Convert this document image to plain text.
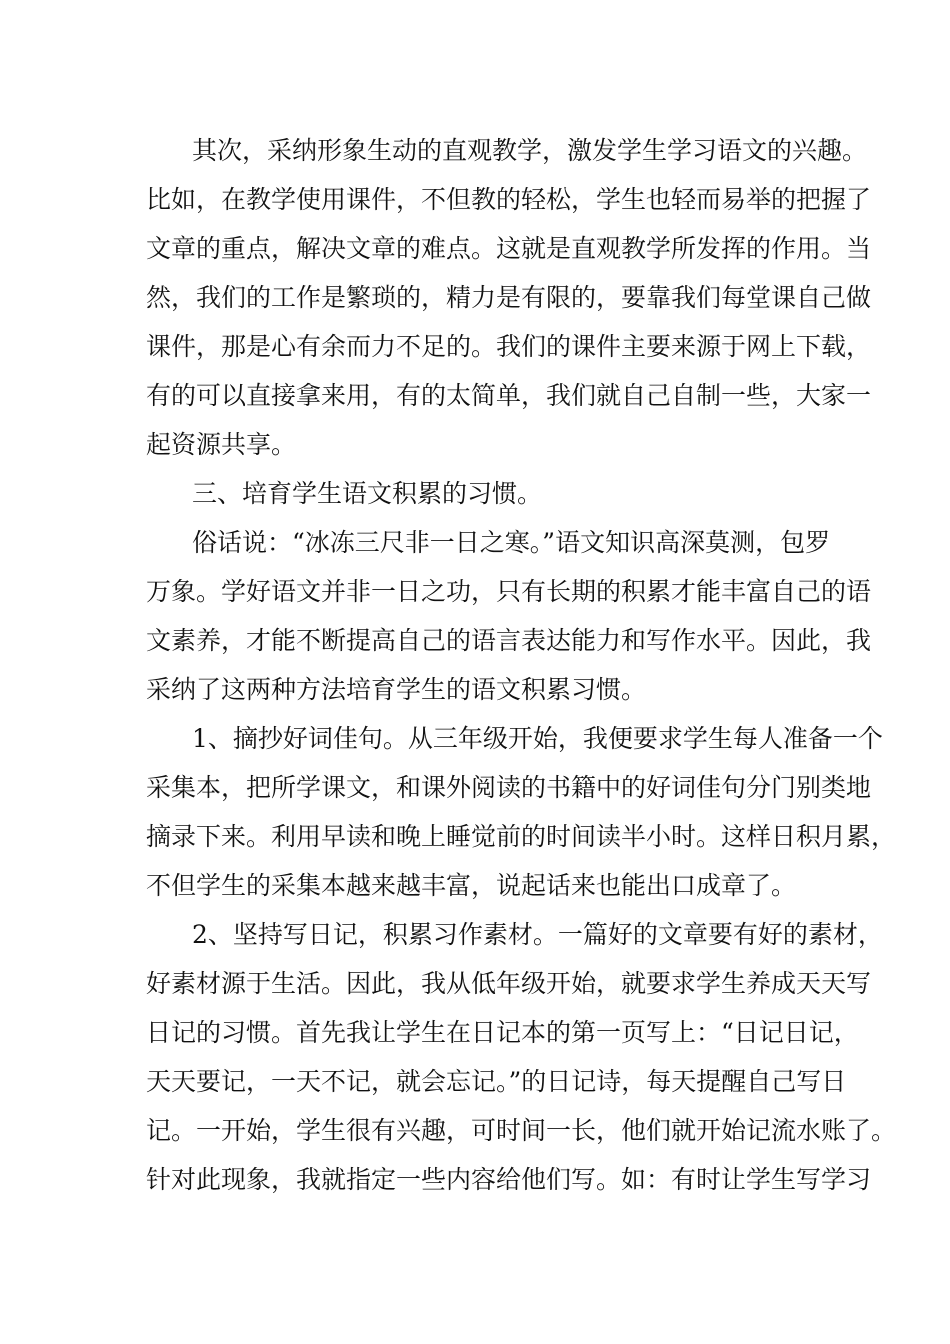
其次，采纳形象生动的直观教学，激发学生学习语文的兴趣。
比如，在教学使用课件，不但教的轻松，学生也轻而易举的把握了
文章的重点，解决文章的难点。这就是直观教学所发挥的作用。当
然，我们的工作是繁琐的，精力是有限的，要靠我们每堂课自己做
课件，那是心有余而力不足的。我们的课件主要来源于网上下载，
有的可以直接拿来用，有的太简单，我们就自己自制一些，大家一
起资源共享。
三、培育学生语文积累的习惯。
俗话说：“冰冻三尺非一日之寒。”语文知识高深莫测，包罗
万象。学好语文并非一日之功，只有长期的积累才能丰富自己的语
文素养，才能不断提高自己的语言表达能力和写作水平。因此，我
采纳了这两种方法培育学生的语文积累习惯。
1、摘抄好词佳句。从三年级开始，我便要求学生每人准备一个
采集本，把所学课文，和课外阅读的书籍中的好词佳句分门别类地
摘录下来。利用早读和晚上睡觉前的时间读半小时。这样日积月累，
不但学生的采集本越来越丰富，说起话来也能出口成章了。
2、坚持写日记，积累习作素材。一篇好的文章要有好的素材，
好素材源于生活。因此，我从低年级开始，就要求学生养成天天写
日记的习惯。首先我让学生在日记本的第一页写上：“日记日记，
天天要记，一天不记，就会忘记。”的日记诗，每天提醒自己写日
记。一开始，学生很有兴趣，可时间一长，他们就开始记流水账了。
针对此现象，我就指定一些内容给他们写。如：有时让学生写学习
